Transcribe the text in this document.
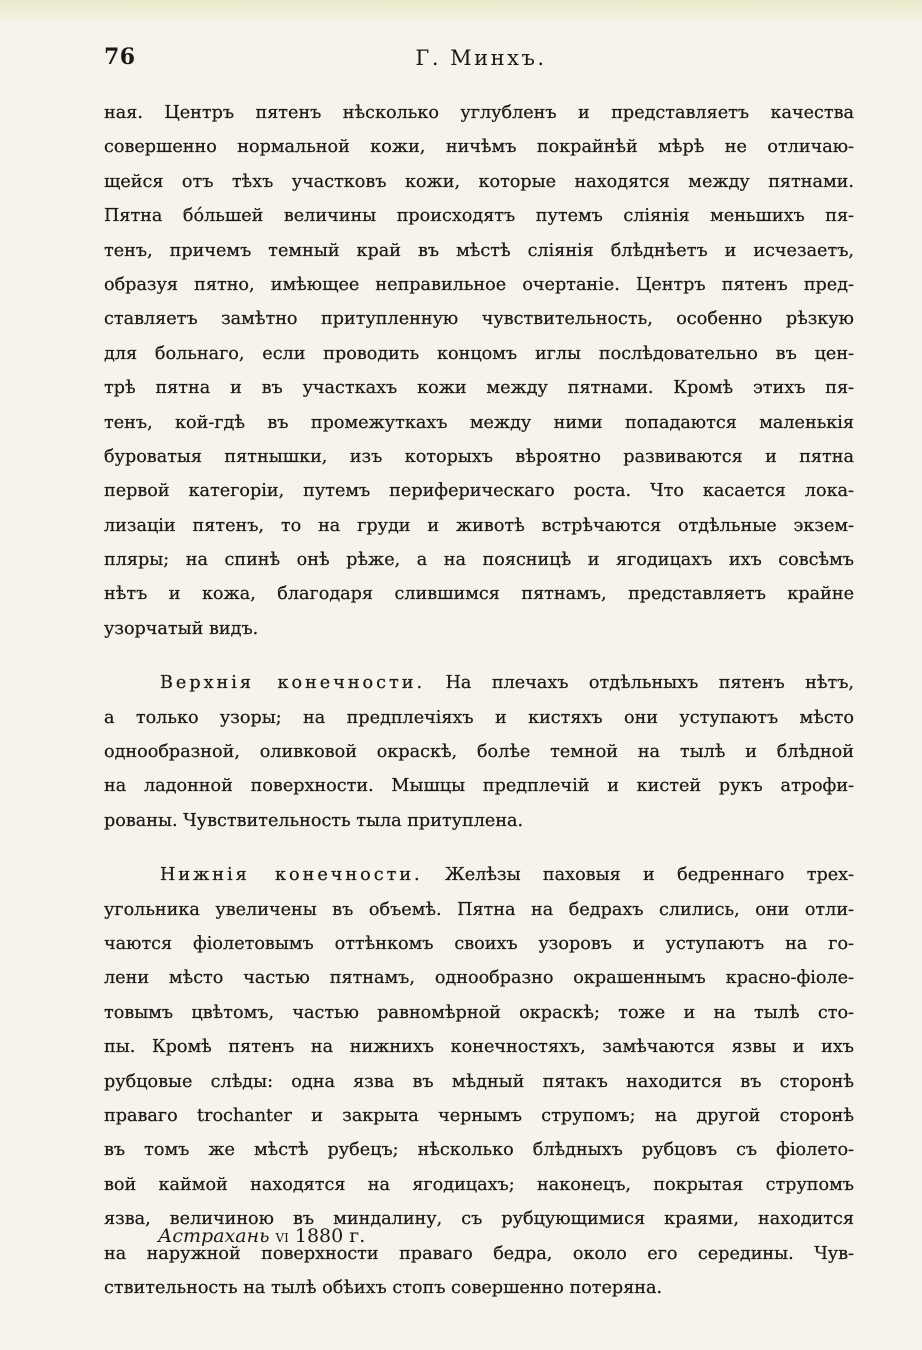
76	Г. Минхъ.
ная. Центръ пятенъ нѣсколько углубленъ и представляетъ качества
совершенно нормальной кожи, ничѣмъ покрайнѣй мѣрѣ не отличаю-
щейся отъ тѣхъ участковъ кожи, которые находятся между пятнами.
Пятна бóльшей величины происходятъ путемъ слiянiя меньшихъ пя-
тенъ, причемъ темный край въ мѣстѣ слiянiя блѣднѣетъ и исчезаетъ,
образуя пятно, имѣющее неправильное очертанiе. Центръ пятенъ пред-
ставляетъ замѣтно притупленную чувствительность, особенно рѣзкую
для больнаго, если проводить концомъ иглы послѣдовательно въ цен-
трѣ пятна и въ участкахъ кожи между пятнами. Кромѣ этихъ пя-
тенъ, кой-гдѣ въ промежуткахъ между ними попадаются маленькiя
буроватыя пятнышки, изъ которыхъ вѣроятно развиваются и пятна
первой категорiи, путемъ периферическаго роста. Что касается лока-
лизацiи пятенъ, то на груди и животѣ встрѣчаются отдѣльные экзем-
пляры; на спинѣ онѣ рѣже, а на поясницѣ и ягодицахъ ихъ совсѣмъ
нѣтъ и кожа, благодаря слившимся пятнамъ, представляетъ крайне
узорчатый видъ.
Верхнiя конечности. На плечахъ отдѣльныхъ пятенъ нѣтъ,
а только узоры; на предплечiяхъ и кистяхъ они уступаютъ мѣсто
однообразной, оливковой окраскѣ, болѣе темной на тылѣ и блѣдной
на ладонной поверхности. Мышцы предплечiй и кистей рукъ атрофи-
рованы. Чувствительность тыла притуплена.
Нижнiя конечности. Желѣзы паховыя и бедреннаго трех-
угольника увеличены въ объемѣ. Пятна на бедрахъ слились, они отли-
чаются фiолетовымъ оттѣнкомъ своихъ узоровъ и уступаютъ на го-
лени мѣсто частью пятнамъ, однообразно окрашеннымъ красно-фiоле-
товымъ цвѣтомъ, частью равномѣрной окраскѣ; тоже и на тылѣ сто-
пы. Кромѣ пятенъ на нижнихъ конечностяхъ, замѣчаются язвы и ихъ
рубцовые слѣды: одна язва въ мѣдный пятакъ находится въ сторонѣ
праваго trochanter и закрыта чернымъ струпомъ; на другой сторонѣ
въ томъ же мѣстѣ рубецъ; нѣсколько блѣдныхъ рубцовъ съ фiолето-
вой каймой находятся на ягодицахъ; наконецъ, покрытая струпомъ
язва, величиною въ миндалину, съ рубцующимися краями, находится
на наружной поверхности праваго бедра, около его середины. Чув-
ствительность на тылѣ обѣихъ стопъ совершенно потеряна.
Астрахань VI 1880 г.
